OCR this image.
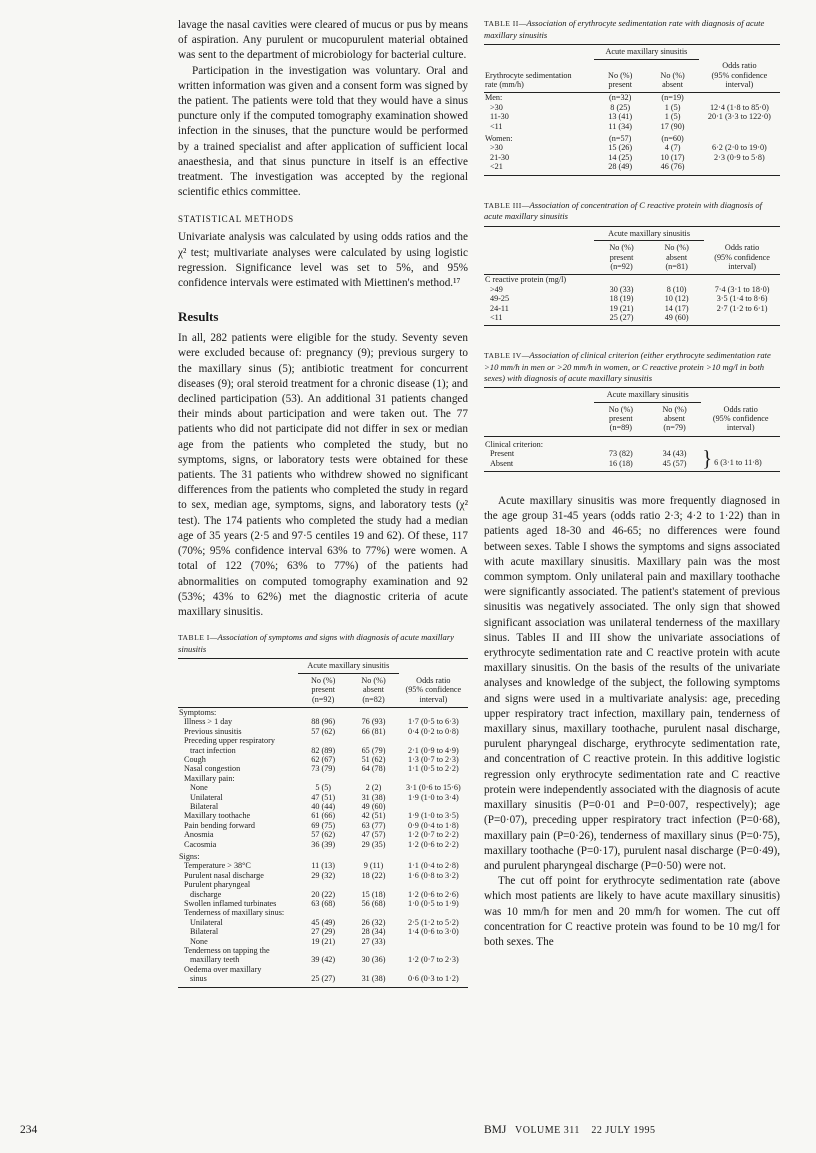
lavage the nasal cavities were cleared of mucus or pus by means of aspiration. Any purulent or mucopurulent material obtained was sent to the department of microbiology for bacterial culture.

Participation in the investigation was voluntary. Oral and written information was given and a consent form was signed by the patient. The patients were told that they would have a sinus puncture only if the computed tomography examination showed infection in the sinuses, that the puncture would be performed by a trained specialist and after application of sufficient local anaesthesia, and that sinus puncture in itself is an effective treatment. The investigation was accepted by the regional scientific ethics committee.

STATISTICAL METHODS

Univariate analysis was calculated by using odds ratios and the χ² test; multivariate analyses were calculated by using logistic regression. Significance level was set to 5%, and 95% confidence intervals were estimated with Miettinen's method.¹⁷

Results

In all, 282 patients were eligible for the study. Seventy seven were excluded because of: pregnancy (9); previous surgery to the maxillary sinus (5); antibiotic treatment for concurrent diseases (9); oral steroid treatment for a chronic disease (1); and declined participation (53). An additional 31 patients changed their minds about participation and were taken out. The 77 patients who did not participate did not differ in sex or median age from the patients who completed the study, but no symptoms, signs, or laboratory tests were obtained for these patients. The 31 patients who withdrew showed no significant differences from the patients who completed the study in regard to sex, median age, symptoms, signs, and laboratory tests (χ² test). The 174 patients who completed the study had a median age of 35 years (2·5 and 97·5 centiles 19 and 62). Of these, 117 (70%; 95% confidence interval 63% to 77%) were women. A total of 122 (70%; 63% to 77%) of the patients had abnormalities on computed tomography examination and 92 (53%; 43% to 62%) met the diagnostic criteria of acute maxillary sinusitis.

TABLE I—Association of symptoms and signs with diagnosis of acute maxillary sinusitis

	Acute maxillary sinusitis		
	No (%)
present
(n=92)	No (%)
absent
(n=82)	Odds ratio
(95% confidence
interval)
Symptoms:			
Illness > 1 day	88 (96)	76 (93)	1·7 (0·5 to 6·3)
Previous sinusitis	57 (62)	66 (81)	0·4 (0·2 to 0·8)
Preceding upper respiratory			
tract infection	82 (89)	65 (79)	2·1 (0·9 to 4·9)
Cough	62 (67)	51 (62)	1·3 (0·7 to 2·3)
Nasal congestion	73 (79)	64 (78)	1·1 (0·5 to 2·2)
Maxillary pain:			
None	5 (5)	2 (2)	3·1 (0·6 to 15·6)
Unilateral	47 (51)	31 (38)	1·9 (1·0 to 3·4)
Bilateral	40 (44)	49 (60)	
Maxillary toothache	61 (66)	42 (51)	1·9 (1·0 to 3·5)
Pain bending forward	69 (75)	63 (77)	0·9 (0·4 to 1·8)
Anosmia	57 (62)	47 (57)	1·2 (0·7 to 2·2)
Cacosmia	36 (39)	29 (35)	1·2 (0·6 to 2·2)
Signs:			
Temperature > 38°C	11 (13)	9 (11)	1·1 (0·4 to 2·8)
Purulent nasal discharge	29 (32)	18 (22)	1·6 (0·8 to 3·2)
Purulent pharyngeal			
discharge	20 (22)	15 (18)	1·2 (0·6 to 2·6)
Swollen inflamed turbinates	63 (68)	56 (68)	1·0 (0·5 to 1·9)
Tenderness of maxillary sinus:			
Unilateral	45 (49)	26 (32)	2·5 (1·2 to 5·2)
Bilateral	27 (29)	28 (34)	1·4 (0·6 to 3·0)
None	19 (21)	27 (33)	
Tenderness on tapping the			
maxillary teeth	39 (42)	30 (36)	1·2 (0·7 to 2·3)
Oedema over maxillary			
sinus	25 (27)	31 (38)	0·6 (0·3 to 1·2)

TABLE II—Association of erythrocyte sedimentation rate with diagnosis of acute maxillary sinusitis

	Acute maxillary sinusitis		
Erythrocyte sedimentation
rate (mm/h)	No (%)
present	No (%)
absent	Odds ratio
(95% confidence
interval)
Men:	(n=32)	(n=19)	
>30	8 (25)	1 (5)	12·4 (1·8 to 85·0)
11-30	13 (41)	1 (5)	20·1 (3·3 to 122·0)
<11	11 (34)	17 (90)	
Women:	(n=57)	(n=60)	
>30	15 (26)	4 (7)	6·2 (2·0 to 19·0)
21-30	14 (25)	10 (17)	2·3 (0·9 to 5·8)
<21	28 (49)	46 (76)	

TABLE III—Association of concentration of C reactive protein with diagnosis of acute maxillary sinusitis

	Acute maxillary sinusitis		
	No (%)
present
(n=92)	No (%)
absent
(n=81)	Odds ratio
(95% confidence
interval)
C reactive protein (mg/l)			
>49	30 (33)	8 (10)	7·4 (3·1 to 18·0)
49-25	18 (19)	10 (12)	3·5 (1·4 to 8·6)
24-11	19 (21)	14 (17)	2·7 (1·2 to 6·1)
<11	25 (27)	49 (60)	

TABLE IV—Association of clinical criterion (either erythrocyte sedimentation rate >10 mm/h in men or >20 mm/h in women, or C reactive protein >10 mg/l in both sexes) with diagnosis of acute maxillary sinusitis

	Acute maxillary sinusitis		
	No (%)
present
(n=89)	No (%)
absent
(n=79)	Odds ratio
(95% confidence
interval)
Clinical criterion:			
Present	73 (82)	34 (43)	} 6 (3·1 to 11·8)
Absent	16 (18)	45 (57)	

Acute maxillary sinusitis was more frequently diagnosed in the age group 31-45 years (odds ratio 2·3; 4·2 to 1·22) than in patients aged 18-30 and 46-65; no differences were found between sexes. Table I shows the symptoms and signs associated with acute maxillary sinusitis. Maxillary pain was the most common symptom. Only unilateral pain and maxillary toothache were significantly associated. The patient's statement of previous sinusitis was negatively associated. The only sign that showed significant association was unilateral tenderness of the maxillary sinus. Tables II and III show the univariate associations of erythrocyte sedimentation rate and C reactive protein with acute maxillary sinusitis. On the basis of the results of the univariate analyses and knowledge of the subject, the following symptoms and signs were used in a multivariate analysis: age, preceding upper respiratory tract infection, maxillary pain, tenderness of maxillary sinus, maxillary toothache, purulent nasal discharge, purulent pharyngeal discharge, erythrocyte sedimentation rate, and concentration of C reactive protein. In this additive logistic regression only erythrocyte sedimentation rate and C reactive protein were independently associated with the diagnosis of acute maxillary sinusitis (P=0·01 and P=0·007, respectively); age (P=0·07), preceding upper respiratory tract infection (P=0·68), maxillary pain (P=0·26), tenderness of maxillary sinus (P=0·75), maxillary toothache (P=0·17), purulent nasal discharge (P=0·49), and purulent pharyngeal discharge (P=0·50) were not.

The cut off point for erythrocyte sedimentation rate (above which most patients are likely to have acute maxillary sinusitis) was 10 mm/h for men and 20 mm/h for women. The cut off concentration for C reactive protein was found to be 10 mg/l for both sexes. The

234	BMJ VOLUME 311 22 JULY 1995
